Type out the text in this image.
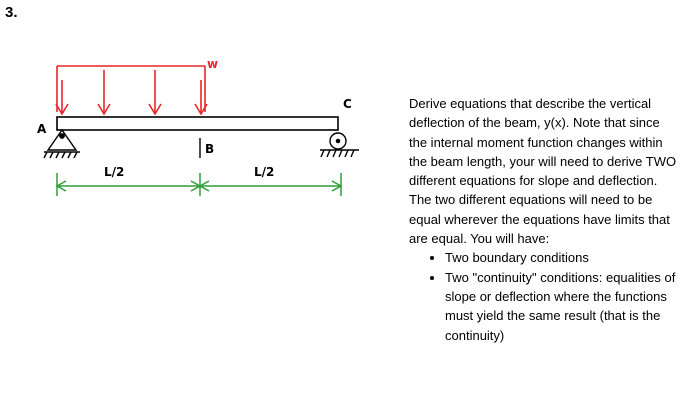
3.
w
A
B
C
L/2	L/2

Derive equations that describe the vertical deflection of the beam, y(x). Note that since the internal moment function changes within the beam length, your will need to derive TWO different equations for slope and deflection. The two different equations will need to be equal wherever the equations have limits that are equal. You will have:

• Two boundary conditions
• Two "continuity" conditions: equalities of slope or deflection where the functions must yield the same result (that is the continuity)
